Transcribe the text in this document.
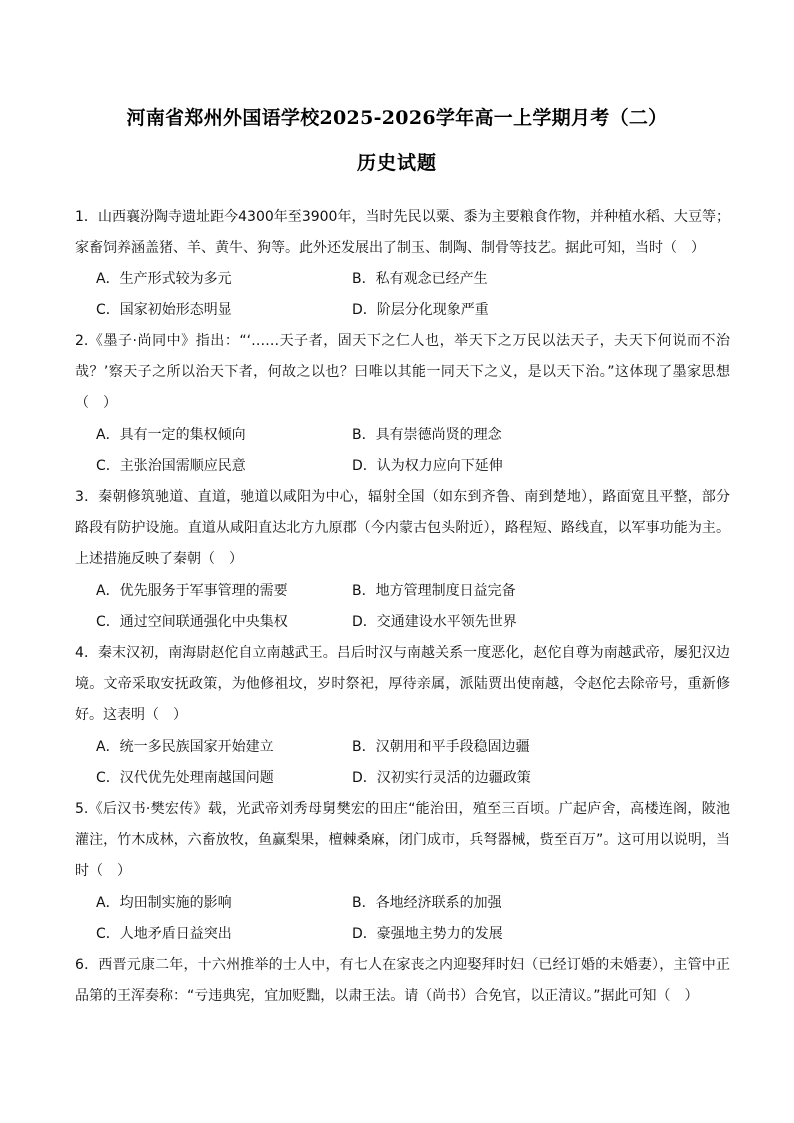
河南省郑州外国语学校2025-2026学年高一上学期月考（二）
历史试题
1．山西襄汾陶寺遗址距今4300年至3900年，当时先民以粟、黍为主要粮食作物，并种植水稻、大豆等；家畜饲养涵盖猪、羊、黄牛、狗等。此外还发展出了制玉、制陶、制骨等技艺。据此可知，当时（　）
A．生产形式较为多元	B．私有观念已经产生
C．国家初始形态明显	D．阶层分化现象严重
2.《墨子·尚同中》指出：“‘……天子者，固天下之仁人也，举天下之万民以法天子，夫天下何说而不治哉？’察天子之所以治天下者，何故之以也？曰唯以其能一同天下之义，是以天下治。”这体现了墨家思想（　）
A．具有一定的集权倾向	B．具有崇德尚贤的理念
C．主张治国需顺应民意	D．认为权力应向下延伸
3．秦朝修筑驰道、直道，驰道以咸阳为中心，辐射全国（如东到齐鲁、南到楚地），路面宽且平整，部分路段有防护设施。直道从咸阳直达北方九原郡（今内蒙古包头附近），路程短、路线直，以军事功能为主。上述措施反映了秦朝（　）
A．优先服务于军事管理的需要	B．地方管理制度日益完备
C．通过空间联通强化中央集权	D．交通建设水平领先世界
4．秦末汉初，南海尉赵佗自立南越武王。吕后时汉与南越关系一度恶化，赵佗自尊为南越武帝，屡犯汉边境。文帝采取安抚政策，为他修祖坟，岁时祭祀，厚待亲属，派陆贾出使南越，令赵佗去除帝号，重新修好。这表明（　）
A．统一多民族国家开始建立	B．汉朝用和平手段稳固边疆
C．汉代优先处理南越国问题	D．汉初实行灵活的边疆政策
5.《后汉书·樊宏传》载，光武帝刘秀母舅樊宏的田庄“能治田，殖至三百顷。广起庐舍，高楼连阁，陂池灌注，竹木成林，六畜放牧，鱼赢梨果，檀棘桑麻，闭门成市，兵弩器械，赀至百万”。这可用以说明，当时（　）
A．均田制实施的影响	B．各地经济联系的加强
C．人地矛盾日益突出	D．豪强地主势力的发展
6．西晋元康二年，十六州推举的士人中，有七人在家丧之内迎娶拜时妇（已经订婚的未婚妻），主管中正品第的王浑奏称：“亏违典宪，宜加贬黜，以肃王法。请（尚书）合免官，以正清议。”据此可知（　）
